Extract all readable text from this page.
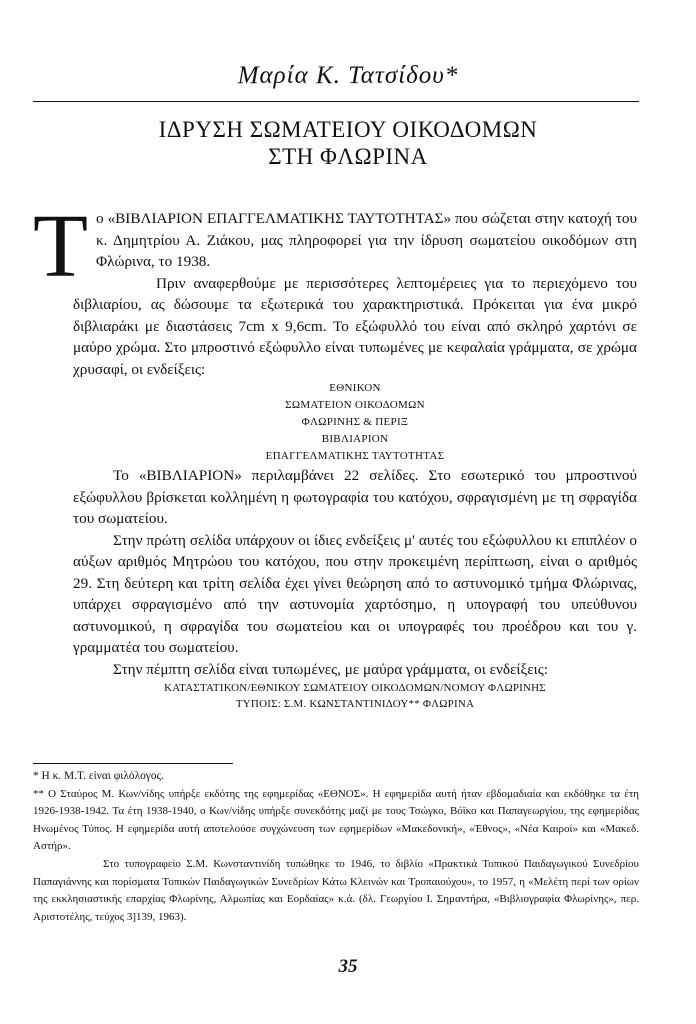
Μαρία Κ. Τατσίδου*
ΙΔΡΥΣΗ ΣΩΜΑΤΕΙΟΥ ΟΙΚΟΔΟΜΩΝ
ΣΤΗ ΦΛΩΡΙΝΑ

Το «ΒΙΒΛΙΑΡΙΟΝ ΕΠΑΓΓΕΛΜΑΤΙΚΗΣ ΤΑΥΤΟΤΗΤΑΣ» που σώζεται στην κατοχή του κ. Δημητρίου Α. Ζιάκου, μας πληροφορεί για την ίδρυση σωματείου οικοδόμων στη Φλώρινα, το 1938.

Πριν αναφερθούμε με περισσότερες λεπτομέρειες για το περιεχόμενο του διβλιαρίου, ας δώσουμε τα εξωτερικά του χαρακτηριστικά. Πρόκειται για ένα μικρό διβλιαράκι με διαστάσεις 7cm x 9,6cm. Το εξώφυλλό του είναι από σκληρό χαρτόνι σε μαύρο χρώμα. Στο μπροστινό εξώφυλλο είναι τυπωμένες με κεφαλαία γράμματα, σε χρώμα χρυσαφί, οι ενδείξεις:

ΕΘΝΙΚΟΝ
ΣΩΜΑΤΕΙΟΝ ΟΙΚΟΔΟΜΩΝ
ΦΛΩΡΙΝΗΣ & ΠΕΡΙΞ
ΒΙΒΛΙΑΡΙΟΝ
ΕΠΑΓΓΕΛΜΑΤΙΚΗΣ ΤΑΥΤΟΤΗΤΑΣ

Το «ΒΙΒΛΙΑΡΙΟΝ» περιλαμβάνει 22 σελίδες. Στο εσωτερικό του μπροστινού εξώφυλλου βρίσκεται κολλημένη η φωτογραφία του κατόχου, σφραγισμένη με τη σφραγίδα του σωματείου.

Στην πρώτη σελίδα υπάρχουν οι ίδιες ενδείξεις μ' αυτές του εξώφυλλου κι επιπλέον ο αύξων αριθμός Μητρώου του κατόχου, που στην προκειμένη περίπτωση, είναι ο αριθμός 29. Στη δεύτερη και τρίτη σελίδα έχει γίνει θεώρηση από το αστυνομικό τμήμα Φλώρινας, υπάρχει σφραγισμένο από την αστυνομία χαρτόσημο, η υπογραφή του υπεύθυνου αστυνομικού, η σφραγίδα του σωματείου και οι υπογραφές του προέδρου και του γ. γραμματέα του σωματείου.

Στην πέμπτη σελίδα είναι τυπωμένες, με μαύρα γράμματα, οι ενδείξεις:

ΚΑΤΑΣΤΑΤΙΚΟΝ/ΕΘΝΙΚΟΥ ΣΩΜΑΤΕΙΟΥ ΟΙΚΟΔΟΜΩΝ/ΝΟΜΟΥ ΦΛΩΡΙΝΗΣ
ΤΥΠΟΙΣ: Σ.Μ. ΚΩΝΣΤΑΝΤΙΝΙΔΟΥ** ΦΛΩΡΙΝΑ

* Η κ. Μ.Τ. είναι φιλόλογος.

** Ο Σταύρος Μ. Κων/νίδης υπήρξε εκδότης της εφημερίδας «ΕΘΝΟΣ». Η εφημερίδα αυτή ήταν εβδομαδιαία και εκδόθηκε τα έτη 1926-1938-1942. Τα έτη 1938-1940, ο Κων/νίδης υπήρξε συνεκδότης μαζί με τους Τσώγκο, Βόϊκο και Παπαγεωργίου, της εφημερίδας Ηνωμένος Τύπος. Η εφημερίδα αυτή αποτελούσε συγχώνευση των εφημερίδων «Μακεδονική», «Έθνος», «Νέα Καιροί» και «Μακεδ. Αστήρ».

Στο τυπογραφείο Σ.Μ. Κωνσταντινίδη τυπώθηκε το 1946, το διβλίο «Πρακτικά Τοπικού Παιδαγωγικού Συνεδρίου Παπαγιάννης και πορίσματα Τοπικών Παιδαγωγικών Συνεδρίων Κάτω Κλεινών και Τροπαιούχου», το 1957, η «Μελέτη περί των ορίων της εκκλησιαστικής επαρχίας Φλωρίνης, Αλμωπίας και Εορδαίας» κ.ά. (δλ. Γεωργίου Ι. Σημαντήρα, «Βιβλιογραφία Φλωρίνης», περ. Αριστοτέλης, τεύχος 3]139, 1963).

35
